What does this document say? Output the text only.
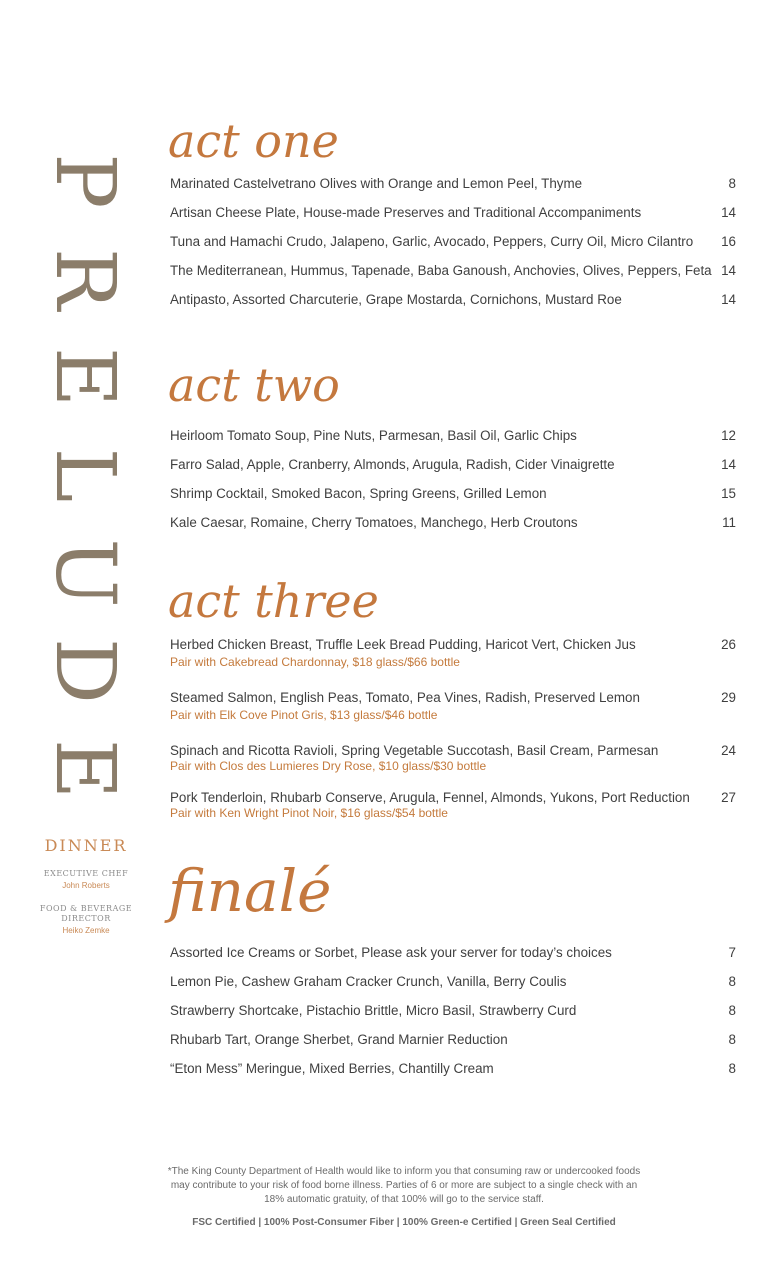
P
R
E
L
U
D
E
DINNER
EXECUTIVE CHEF
John Roberts
FOOD & BEVERAGE
DIRECTOR
Heiko Zemke
act one
Marinated Castelvetrano Olives with Orange and Lemon Peel, Thyme	8
Artisan Cheese Plate, House-made Preserves and Traditional Accompaniments	14
Tuna and Hamachi Crudo, Jalapeno, Garlic, Avocado, Peppers, Curry Oil, Micro Cilantro	16
The Mediterranean, Hummus, Tapenade, Baba Ganoush, Anchovies, Olives, Peppers, Feta 14
Antipasto, Assorted Charcuterie, Grape Mostarda, Cornichons, Mustard Roe	14
act two
Heirloom Tomato Soup, Pine Nuts, Parmesan, Basil Oil, Garlic Chips	12
Farro Salad, Apple, Cranberry, Almonds, Arugula, Radish, Cider Vinaigrette	14
Shrimp Cocktail, Smoked Bacon, Spring Greens, Grilled Lemon	15
Kale Caesar, Romaine, Cherry Tomatoes, Manchego, Herb Croutons	11
act three
Herbed Chicken Breast, Truffle Leek Bread Pudding, Haricot Vert, Chicken Jus	26
Pair with Cakebread Chardonnay, $18 glass/$66 bottle
Steamed Salmon, English Peas, Tomato, Pea Vines, Radish, Preserved Lemon	29
Pair with Elk Cove Pinot Gris, $13 glass/$46 bottle
Spinach and Ricotta Ravioli, Spring Vegetable Succotash, Basil Cream, Parmesan	24
Pair with Clos des Lumieres Dry Rose, $10 glass/$30 bottle
Pork Tenderloin, Rhubarb Conserve, Arugula, Fennel, Almonds, Yukons, Port Reduction	27
Pair with Ken Wright Pinot Noir, $16 glass/$54 bottle
finalé
Assorted Ice Creams or Sorbet, Please ask your server for today’s choices	7
Lemon Pie, Cashew Graham Cracker Crunch, Vanilla, Berry Coulis	8
Strawberry Shortcake, Pistachio Brittle, Micro Basil, Strawberry Curd	8
Rhubarb Tart, Orange Sherbet, Grand Marnier Reduction	8
“Eton Mess” Meringue, Mixed Berries, Chantilly Cream	8
*The King County Department of Health would like to inform you that consuming raw or undercooked foods
may contribute to your risk of food borne illness. Parties of 6 or more are subject to a single check with an
18% automatic gratuity, of that 100% will go to the service staff.
FSC Certified | 100% Post-Consumer Fiber | 100% Green-e Certified | Green Seal Certified
